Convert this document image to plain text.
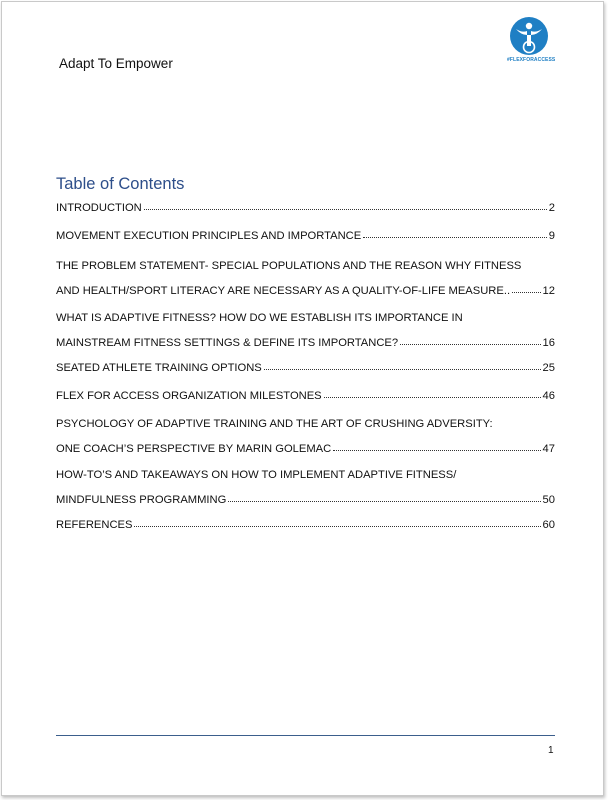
Adapt To Empower	#FLEXFORACCESS
Table of Contents
INTRODUCTION	2
MOVEMENT EXECUTION PRINCIPLES AND IMPORTANCE	9
THE PROBLEM STATEMENT- SPECIAL POPULATIONS AND THE REASON WHY FITNESS
AND HEALTH/SPORT LITERACY ARE NECESSARY AS A QUALITY-OF-LIFE MEASURE..	12
WHAT IS ADAPTIVE FITNESS? HOW DO WE ESTABLISH ITS IMPORTANCE IN
MAINSTREAM FITNESS SETTINGS & DEFINE ITS IMPORTANCE?	16
SEATED ATHLETE TRAINING OPTIONS	25
FLEX FOR ACCESS ORGANIZATION MILESTONES	46
PSYCHOLOGY OF ADAPTIVE TRAINING AND THE ART OF CRUSHING ADVERSITY:
ONE COACH’S PERSPECTIVE BY MARIN GOLEMAC	47
HOW-TO’S AND TAKEAWAYS ON HOW TO IMPLEMENT ADAPTIVE FITNESS/
MINDFULNESS PROGRAMMING	50
REFERENCES	60
1
